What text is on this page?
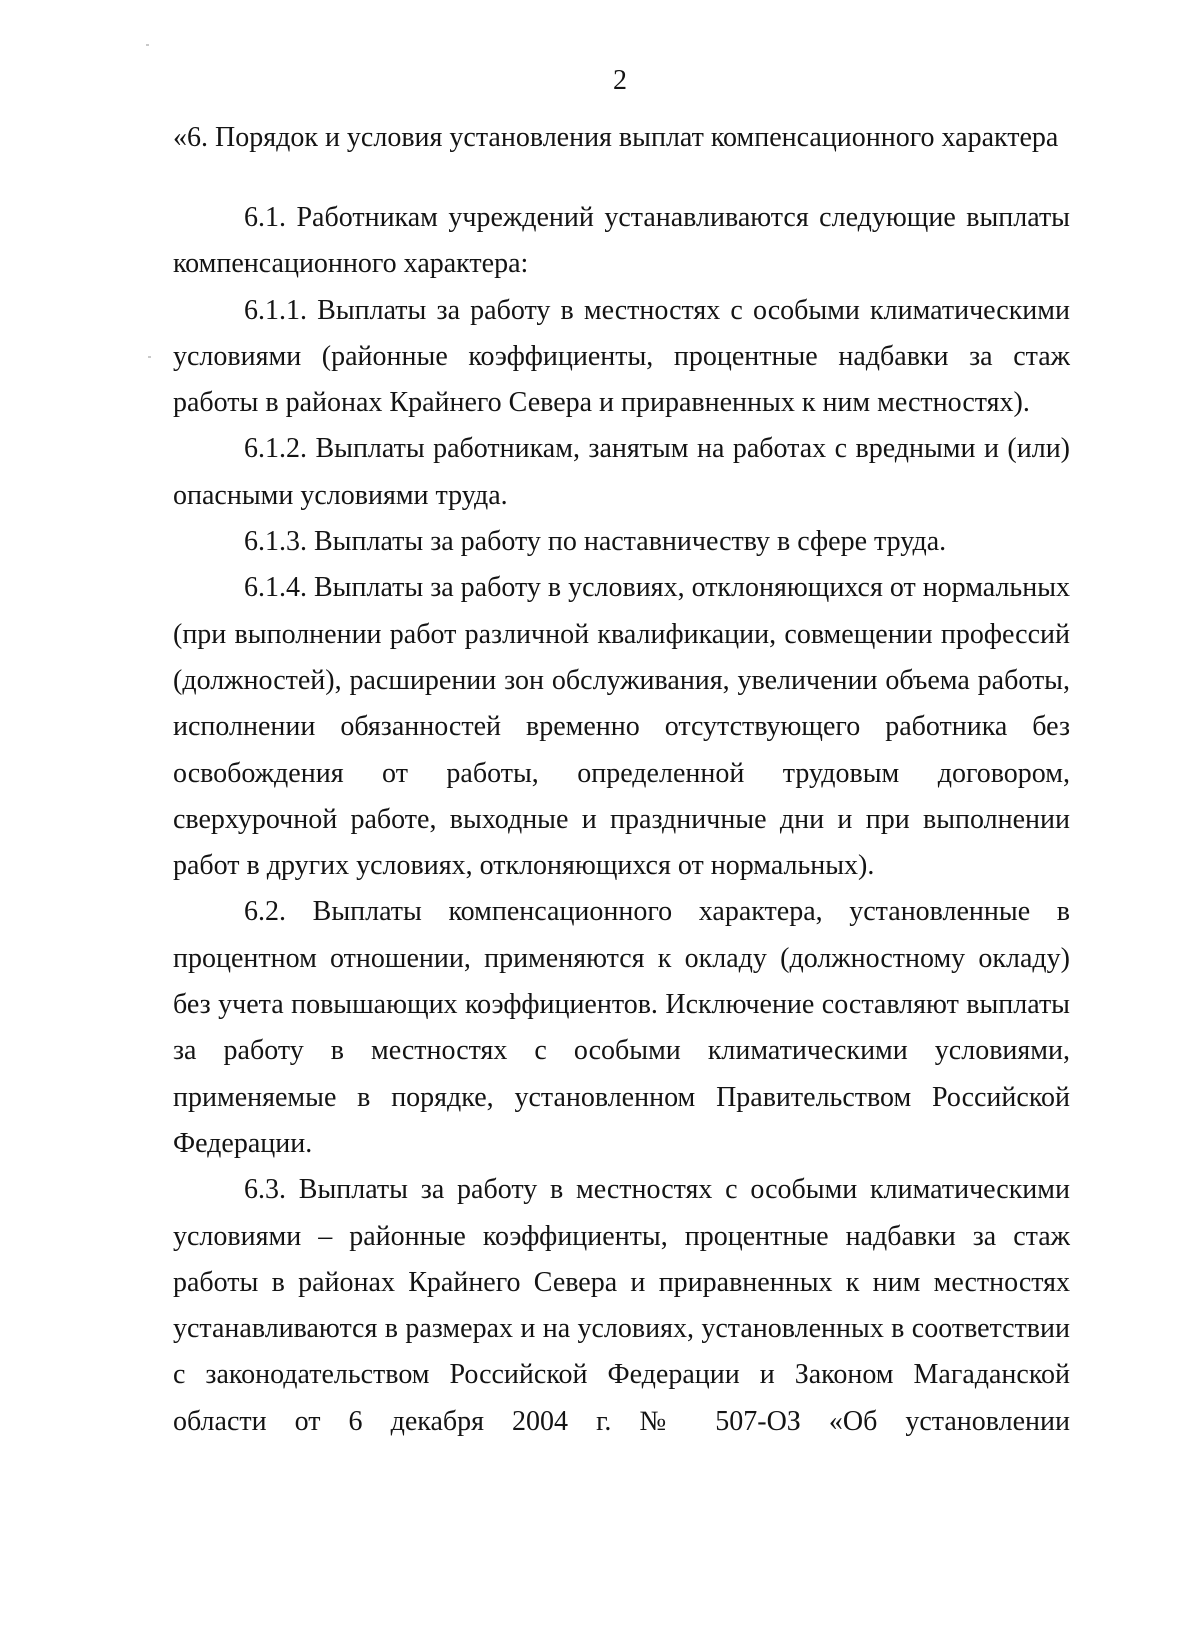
2
«6. Порядок и условия установления выплат компенсационного характера

6.1. Работникам учреждений устанавливаются следующие выплаты компенсационного характера:

6.1.1. Выплаты за работу в местностях с особыми климатическими условиями (районные коэффициенты, процентные надбавки за стаж работы в районах Крайнего Севера и приравненных к ним местностях).

6.1.2. Выплаты работникам, занятым на работах с вредными и (или) опасными условиями труда.

6.1.3. Выплаты за работу по наставничеству в сфере труда.

6.1.4. Выплаты за работу в условиях, отклоняющихся от нормальных (при выполнении работ различной квалификации, совмещении профессий (должностей), расширении зон обслуживания, увеличении объема работы, исполнении обязанностей временно отсутствующего работника без освобождения от работы, определенной трудовым договором, сверхурочной работе, выходные и праздничные дни и при выполнении работ в других условиях, отклоняющихся от нормальных).

6.2. Выплаты компенсационного характера, установленные в процентном отношении, применяются к окладу (должностному окладу) без учета повышающих коэффициентов. Исключение составляют выплаты за работу в местностях с особыми климатическими условиями, применяемые в порядке, установленном Правительством Российской Федерации.

6.3. Выплаты за работу в местностях с особыми климатическими условиями – районные коэффициенты, процентные надбавки за стаж работы в районах Крайнего Севера и приравненных к ним местностях устанавливаются в размерах и на условиях, установленных в соответствии с законодательством Российской Федерации и Законом Магаданской области от 6 декабря 2004 г. № 507-ОЗ «Об установлении
